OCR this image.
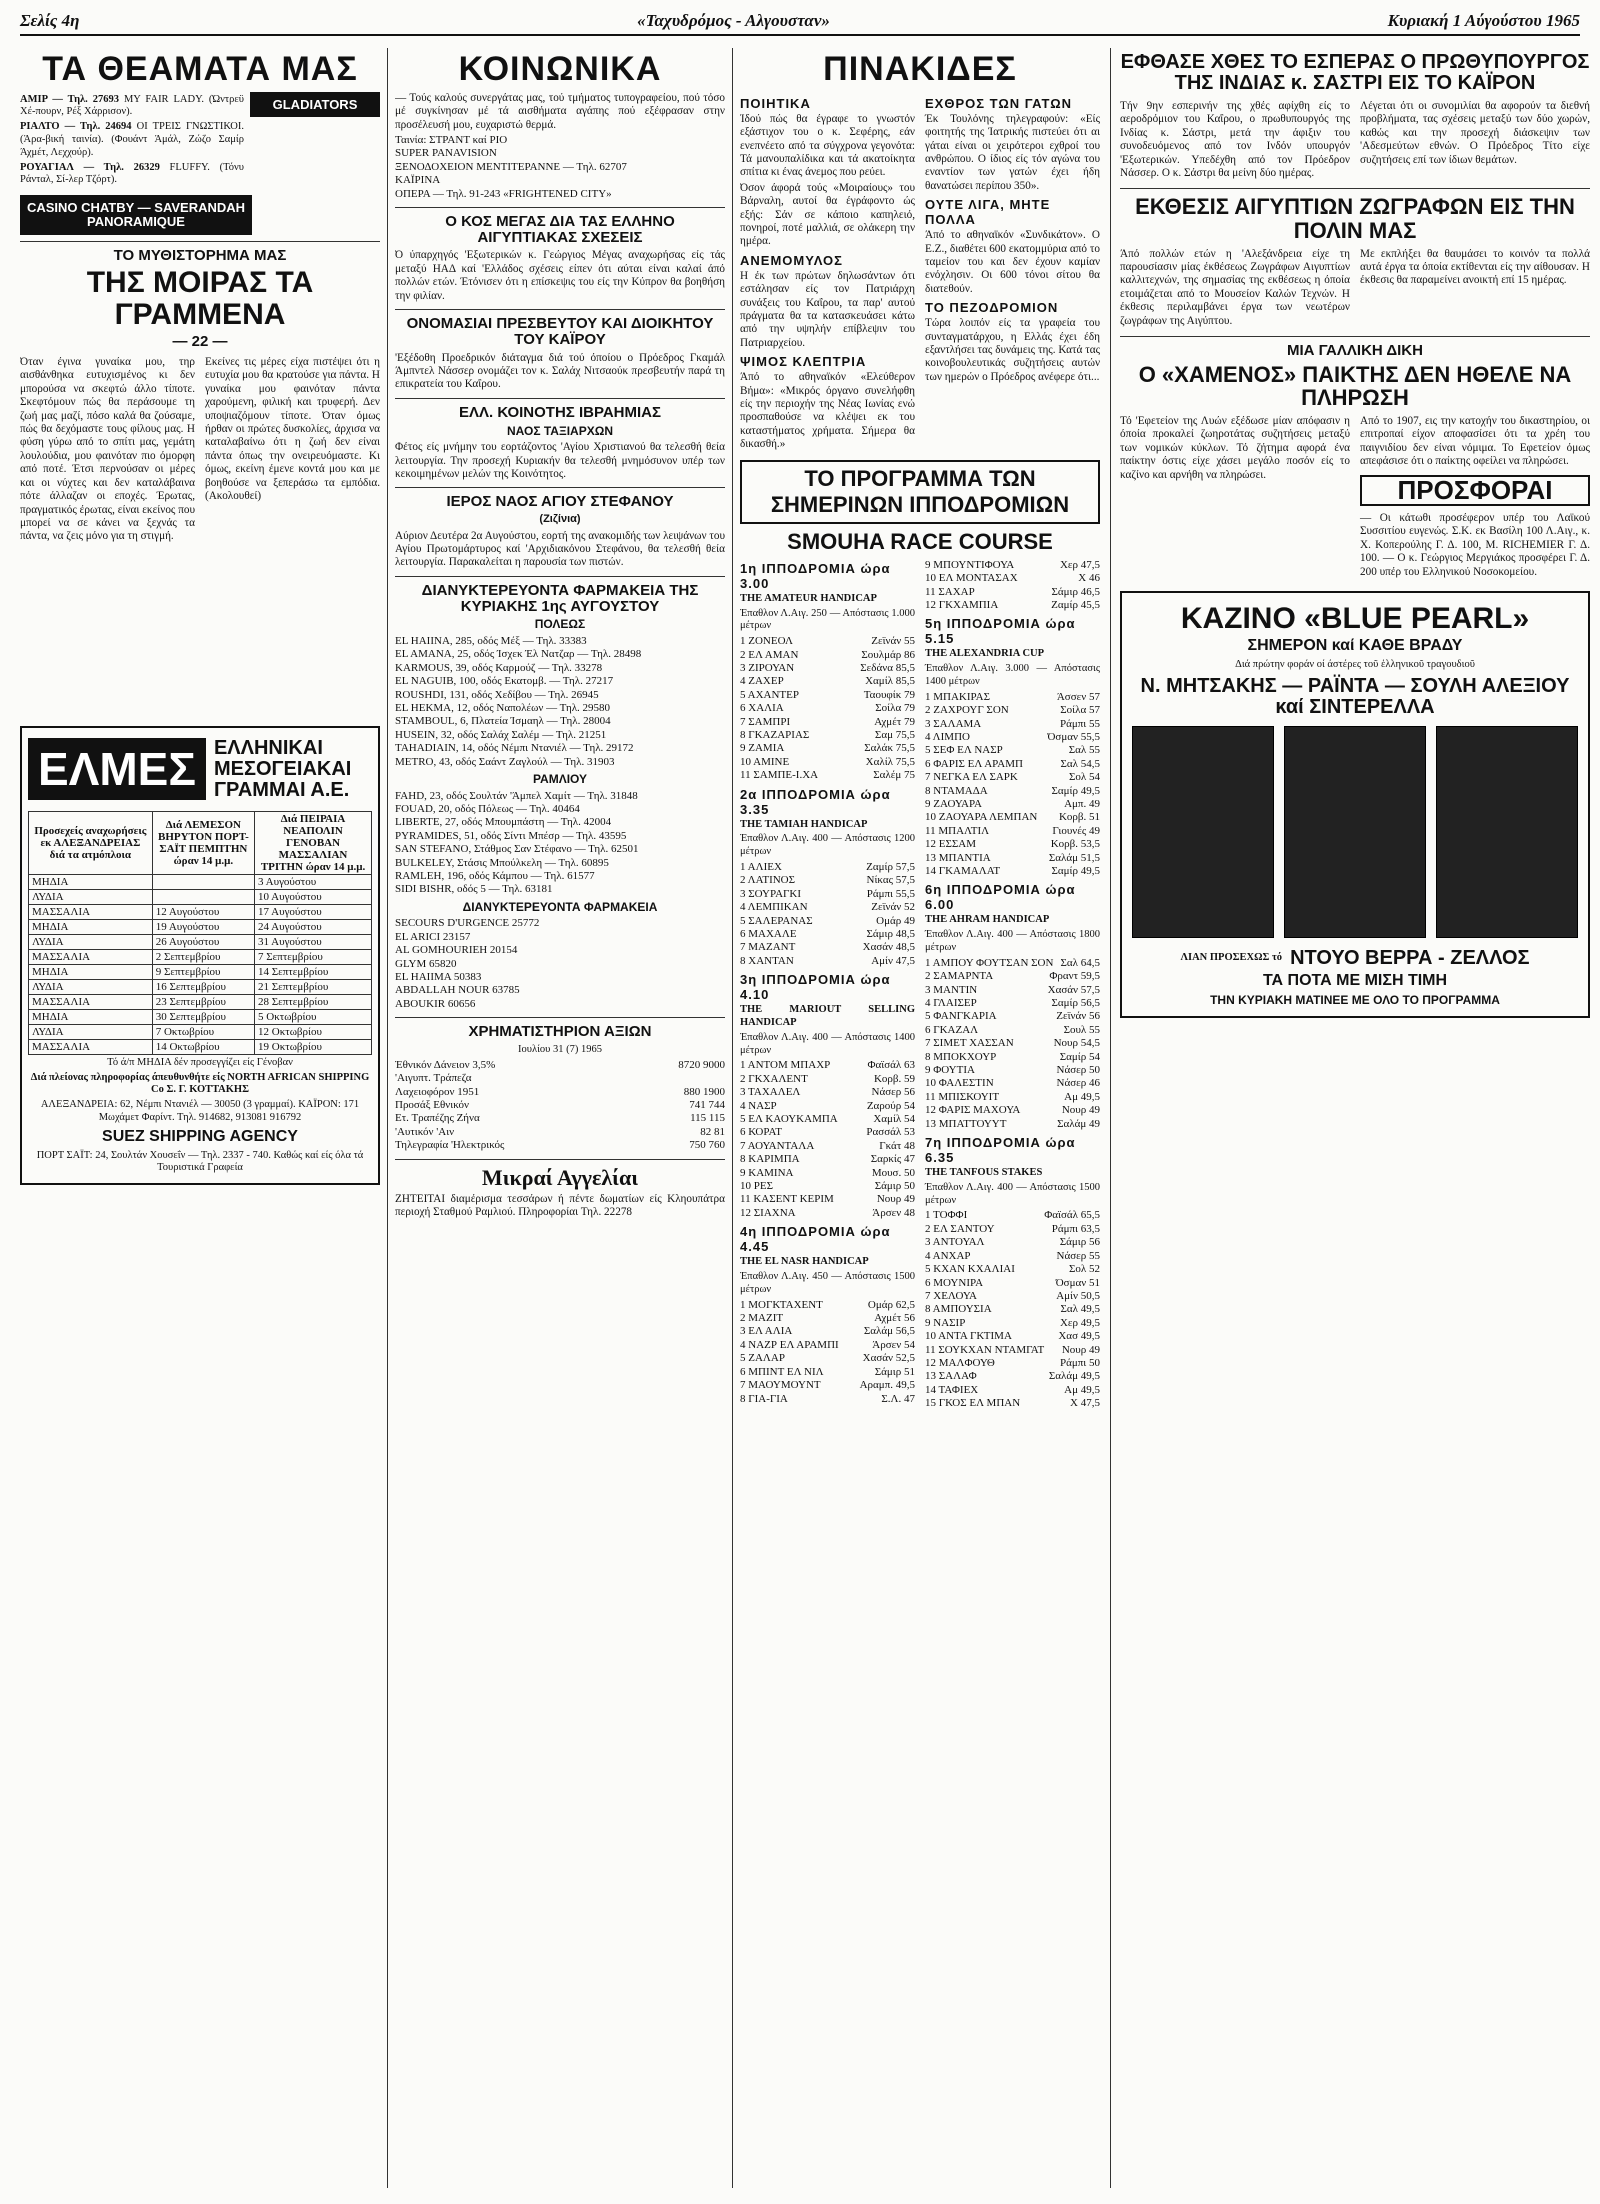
Σελίς 4η	«Ταχυδρόμος - Αλγουσταν»	Κυριακή 1 Αύγούστου 1965
ΤΑ ΘΕΑΜΑΤΑ ΜΑΣ
ΑΜΙΡ — Τηλ. 27693 MY FAIR LADY. (Ώντρεϋ Χέ-πουρν, Ρέξ Χάρρισον).
ΡΙΑΛΤΟ — Τηλ. 24694 ΟΙ ΤΡΕΙΣ ΓΝΩΣΤΙΚΟΙ. (Άρα-βική ταινία). (Φουάντ Άμάλ, Ζώζο Σαμίρ Άχμέτ, Λεχχούρ).
ΡΟΥΑΓΙΑΛ — Τηλ. 26329 FLUFFY. (Τόνυ Ράνταλ, Σί-λερ Τζόρτ).
GLADIATORS
CASINO CHATBY — SAVERANDAH PANORAMIQUE
ΤΟ ΜΥΘΙΣΤΟΡΗΜΑ ΜΑΣ
ΤΗΣ ΜΟΙΡΑΣ ΤΑ ΓΡΑΜΜΕΝΑ
— 22 —
Όταν έγινα γυναίκα μου, τηρ αισθάνθηκα ευτυχισμένος κι δεν μπορούσα να σκεφτώ άλλο τίποτε. Σκεφτόμουν πώς θα περάσουμε τη ζωή μας μαζί, πόσο καλά θα ζούσαμε, πώς θα δεχόμαστε τους φίλους μας. Η φύση γύρω από το σπίτι μας, γεμάτη λουλούδια, μου φαινόταν πιο όμορφη από ποτέ. Έτσι περνούσαν οι μέρες και οι νύχτες και δεν καταλάβαινα πότε άλλαζαν οι εποχές. Έρωτας, πραγματικός έρωτας, είναι εκείνος που μπορεί να σε κάνει να ξεχνάς τα πάντα, να ζεις μόνο για τη στιγμή.
Εκείνες τις μέρες είχα πιστέψει ότι η ευτυχία μου θα κρατούσε για πάντα. Η γυναίκα μου φαινόταν πάντα χαρούμενη, φιλική και τρυφερή. Δεν υποψιαζόμουν τίποτε. Όταν όμως ήρθαν οι πρώτες δυσκολίες, άρχισα να καταλαβαίνω ότι η ζωή δεν είναι πάντα όπως την ονειρευόμαστε. Κι όμως, εκείνη έμενε κοντά μου και με βοηθούσε να ξεπεράσω τα εμπόδια. (Ακολουθεί)
ΕΛΜΕΣ ΕΛΛΗΝΙΚΑΙ ΜΕΣΟΓΕΙΑΚΑΙ ΓΡΑΜΜΑΙ Α.Ε.
Προσεχείς αναχωρήσεις εκ ΑΛΕΞΑΝΔΡΕΙΑΣ διά τα ατμόπλοια	Διά ΛΕΜΕΣΟΝ ΒΗΡΥΤΟΝ ΠΟΡΤ-ΣΑΪΤ ΠΕΜΠΤΗΝ ώραν 14 μ.μ.	Διά ΠΕΙΡΑΙΑ ΝΕΑΠΟΛΙΝ ΓΕΝΟΒΑΝ ΜΑΣΣΑΛΙΑΝ ΤΡΙΤΗΝ ώραν 14 μ.μ.
ΜΗΔΙΑ		3 Αυγούστου
ΛΥΔΙΑ		10 Αυγούστου
ΜΑΣΣΑΛΙΑ	12 Αυγούστου	17 Αυγούστου
ΜΗΔΙΑ	19 Αυγούστου	24 Αυγούστου
ΛΥΔΙΑ	26 Αυγούστου	31 Αυγούστου
ΜΑΣΣΑΛΙΑ	2 Σεπτεμβρίου	7 Σεπτεμβρίου
ΜΗΔΙΑ	9 Σεπτεμβρίου	14 Σεπτεμβρίου
ΛΥΔΙΑ	16 Σεπτεμβρίου	21 Σεπτεμβρίου
ΜΑΣΣΑΛΙΑ	23 Σεπτεμβρίου	28 Σεπτεμβρίου
ΜΗΔΙΑ	30 Σεπτεμβρίου	5 Οκτωβρίου
ΛΥΔΙΑ	7 Οκτωβρίου	12 Οκτωβρίου
ΜΑΣΣΑΛΙΑ	14 Οκτωβρίου	19 Οκτωβρίου
Τό ά/π ΜΗΔΙΑ δέν προσεγγίζει είς Γένοβαν
Διά πλείονας πληροφορίας άπευθυνθήτε είς NORTH AFRICAN SHIPPING Co Σ. Γ. ΚΟΤΤΑΚΗΣ
ΑΛΕΞΑΝΔΡΕΙΑ: 62, Νέμπι Ντανιέλ — 30050 (3 γραμμαί). ΚΑΪΡΟΝ: 171 Μωχάμετ Φαρίντ. Τηλ. 914682, 913081 916792
SUEZ SHIPPING AGENCY
ΠΟΡΤ ΣΑΪΤ: 24, Σουλτάν Χουσεΐν — Τηλ. 2337 - 740. Καθώς καί είς όλα τά Τουριστικά Γραφεία
ΚΟΙΝΩΝΙΚΑ
— Τούς καλούς συνεργάτας μας, τού τμήματος τυπογραφείου, πού τόσο μέ συγκίνησαν μέ τά αισθήματα αγάπης πού εξέφρασαν στην προσέλευσή μου, ευχαριστώ θερμά.
Ταινία: ΣΤΡΑΝΤ καί ΡΙΟ
SUPER PANAVISION
ΞΕΝΟΔΟΧΕΙΟΝ ΜΕΝΤΙΤΕΡΑΝΝΕ — Τηλ. 62707
ΚΑΪΡΙΝΑ
ΟΠΕΡΑ — Τηλ. 91-243 «FRIGHTENED CITY»
Ο ΚΟΣ ΜΕΓΑΣ ΔΙΑ ΤΑΣ ΕΛΛΗΝΟ ΑΙΓΥΠΤΙΑΚΑΣ ΣΧΕΣΕΙΣ
Ό ύπαρχηγός 'Εξωτερικών κ. Γεώργιος Μέγας αναχωρήσας είς τάς μεταξύ ΗΑΔ καί 'Ελλάδος σχέσεις είπεν ότι αύται είναι καλαί άπό πολλών ετών. Έτόνισεν ότι η επίσκεψις του είς την Κύπρον θα βοηθήση την φιλίαν.
ΟΝΟΜΑΣΙΑΙ ΠΡΕΣΒΕΥΤΟΥ ΚΑΙ ΔΙΟΙΚΗΤΟΥ ΤΟΥ ΚΑΪΡΟΥ
'Εξέδοθη Προεδρικόν διάταγμα διά τού όποίου ο Πρόεδρος Γκαμάλ Άμπντελ Νάσσερ ονομάζει τον κ. Σαλάχ Νιτσαούκ πρεσβευτήν παρά τη επικρατεία του Καΐρου.
ΕΛΛ. ΚΟΙΝΟΤΗΣ ΙΒΡΑΗΜΙΑΣ
ΝΑΟΣ ΤΑΞΙΑΡΧΩΝ
Φέτος είς μνήμην του εορτάζοντος 'Αγίου Χριστιανού θα τελεσθή θεία λειτουργία. Την προσεχή Κυριακήν θα τελεσθή μνημόσυνον υπέρ των κεκοιμημένων μελών της Κοινότητος.
ΙΕΡΟΣ ΝΑΟΣ ΑΓΙΟΥ ΣΤΕΦΑΝΟΥ
(Ζιζίνια)
Αύριον Δευτέρα 2α Αυγούστου, εορτή της ανακομιδής των λειψάνων του Αγίου Πρωτομάρτυρος καί 'Αρχιδιακόνου Στεφάνου, θα τελεσθή θεία λειτουργία. Παρακαλείται η παρουσία των πιστών.
ΔΙΑΝΥΚΤΕΡΕΥΟΝΤΑ ΦΑΡΜΑΚΕΙΑ ΤΗΣ ΚΥΡΙΑΚΗΣ 1ης ΑΥΓΟΥΣΤΟΥ
ΠΟΛΕΩΣ
EL HAIINA, 285, οδός Μέξ — Τηλ. 33383
EL AMANA, 25, οδός Ίσχεκ Έλ Νατζαρ — Τηλ. 28498
KARMOUS, 39, οδός Καρμούζ — Τηλ. 33278
EL NAGUIB, 100, οδός Εκατομβ. — Τηλ. 27217
ROUSHDI, 131, οδός Χεδίβου — Τηλ. 26945
EL HEKMA, 12, οδός Ναπολέων — Τηλ. 29580
STAMBOUL, 6, Πλατεία Ίσμαηλ — Τηλ. 28004
HUSEIN, 32, οδός Σαλάχ Σαλέμ — Τηλ. 21251
TAHADIAIN, 14, οδός Νέμπι Ντανιέλ — Τηλ. 29172
METRO, 43, οδός Σαάντ Ζαγλούλ — Τηλ. 31903
ΡΑΜΛΙΟΥ
FAHD, 23, οδός Σουλτάν 'Άμπελ Χαμίτ — Τηλ. 31848
FOUAD, 20, οδός Πόλεως — Τηλ. 40464
LIBERTE, 27, οδός Μπουμπάστη — Τηλ. 42004
PYRAMIDES, 51, οδός Σίντι Μπέσρ — Τηλ. 43595
SAN STEFANO, Στάθμος Σαν Στέφανο — Τηλ. 62501
BULKELEY, Στάσις Μπούλκελη — Τηλ. 60895
RAMLEH, 196, οδός Κάμπου — Τηλ. 61577
SIDI BISHR, οδός 5 — Τηλ. 63181
ΔΙΑΝΥΚΤΕΡΕΥΟΝΤΑ ΦΑΡΜΑΚΕΙΑ
SECOURS D'URGENCE 25772
EL ARICI 23157
AL GOMHOURIEH 20154
GLYM 65820
EL HAIIMA 50383
ABDALLAH NOUR 63785
ABOUKIR 60656
ΧΡΗΜΑΤΙΣΤΗΡΙΟΝ ΑΞΙΩΝ
Ιουλίου 31 (7) 1965
Έθνικόν Δάνειον 3,5%	8720 9000
'Αιγυπτ. Τράπεζα
Λαχειοφόρον 1951	880 1900
Προσάξ Εθνικόν	741 744
Ετ. Τραπέζης Ζήνα	115 115
'Αυτικόν 'Αιν	82 81
Τηλεγραφία 'Ηλεκτρικός	750 760
Μικραί Αγγελίαι
ΖΗΤΕΙΤΑΙ διαμέρισμα τεσσάρων ή πέντε δωματίων είς Κληουπάτρα περιοχή Σταθμού Ραμλιού. Πληροφορίαι Τηλ. 22278
ΠΙΝΑΚΙΔΕΣ
ΠΟΙΗΤΙΚΑ
Ίδού πώς θα έγραφε το γνωστόν εξάστιχον του ο κ. Σεφέρης, εάν ενεπνέετο από τα σύγχρονα γεγονότα: Τά μανουπαλίδικα και τά ακατοίκητα σπίτια κι ένας άνεμος που ρεύει.
Όσον άφορά τούς «Μοιραίους» του Βάρναλη, αυτοί θα έγράφοντο ώς εξής: Σάν σε κάποιο καπηλειό, πονηροί, ποτέ μαλλιά, σε ολάκερη την ημέρα.
ΑΝΕΜΟΜΥΛΟΣ
Η έκ των πρώτων δηλωσάντων ότι εστάλησαν είς τον Πατριάρχη συνάξεις του Καΐρου, τα παρ' αυτού πράγματα θα τα κατασκευάσει κάτω από την υψηλήν επίβλεψιν του Πατριαρχείου.
ΨΙΜΟΣ ΚΛΕΠΤΡΙΑ
Άπό το αθηναϊκόν «Ελεύθερον Βήμα»: «Μικρός όργανο συνελήφθη είς την περιοχήν της Νέας Ιωνίας ενώ προσπαθούσε να κλέψει εκ του καταστήματος χρήματα. Σήμερα θα δικασθή.»
ΕΧΘΡΟΣ ΤΩΝ ΓΑΤΩΝ
Έκ Τουλόνης τηλεγραφούν: «Είς φοιτητής της Ίατρικής πιστεύει ότι αι γάται είναι οι χειρότεροι εχθροί του ανθρώπου. Ο ίδιος είς τόν αγώνα του εναντίον των γατών έχει ήδη θανατώσει περίπου 350».
ΟΥΤΕ ΛΙΓΑ, ΜΗΤΕ ΠΟΛΛΑ
Άπό το αθηναϊκόν «Συνδικάτον». Ο Ε.Ζ., διαθέτει 600 εκατομμύρια από το ταμείον του και δεν έχουν καμίαν ενόχλησιν. Οι 600 τόνοι σίτου θα διατεθούν.
ΤΟ ΠΕΖΟΔΡΟΜΙΟΝ
Τώρα λοιπόν είς τα γραφεία του συνταγματάρχου, η Ελλάς έχει έδη εξαντλήσει τας δυνάμεις της. Κατά τας κοινοβουλευτικάς συζητήσεις αυτών των ημερών ο Πρόεδρος ανέφερε ότι...
ΤΟ ΠΡΟΓΡΑΜΜΑ ΤΩΝ ΣΗΜΕΡΙΝΩΝ ΙΠΠΟΔΡΟΜΙΩΝ
SMOUHA RACE COURSE
1η ΙΠΠΟΔΡΟΜΙΑ ώρα 3.00
THE AMATEUR HANDICAP
Έπαθλον Λ.Αιγ. 250 — Απόστασις 1.000 μέτρων
1 ΖΟΝΕΟΛ	Ζεϊνάν 55
2 ΕΛ ΑΜΑΝ	Σουλμάρ 86
3 ΖΙΡΟΥΑΝ	Σεδάνα 85,5
4 ΖΑΧΕΡ	Χαμίλ 85,5
5 ΑΧΑΝΤΕΡ	Ταουφίκ 79
6 ΧΑΛΙΑ	Σοίλα 79
7 ΣΑΜΠΡΙ	Αχμέτ 79
8 ΓΚΑΖΑΡΙΑΣ	Σαμ 75,5
9 ΖΑΜΙΑ	Σαλάκ 75,5
10 ΑΜΙΝΕ	Χαλίλ 75,5
11 ΣΑΜΠΕ-Ι.ΧΑ	Σαλέμ 75
2α ΙΠΠΟΔΡΟΜΙΑ ώρα 3.35
THE TAMIAH HANDICAP
Έπαθλον Λ.Αιγ. 400 — Απόστασις 1200 μέτρων
1 ΑΛΙΕΧ	Ζαμίρ 57,5
2 ΛΑΤΙΝΟΣ	Νίκας 57,5
3 ΣΟΥΡΑΓΚΙ	Ράμπι 55,5
4 ΛΕΜΠΙΚΑΝ	Ζεϊνάν 52
5 ΣΑΛΕΡΑΝΑΣ	Ομάρ 49
6 ΜΑΧΑΛΕ	Σάμιρ 48,5
7 ΜΑΖΑΝΤ	Χασάν 48,5
8 ΧΑΝΤΑΝ	Αμίν 47,5
3η ΙΠΠΟΔΡΟΜΙΑ ώρα 4.10
THE MARIOUT SELLING HANDICAP
Έπαθλον Λ.Αιγ. 400 — Απόστασις 1400 μέτρων
1 ΑΝΤΟΜ ΜΠΑΧΡ	Φαϊσάλ 63
2 ΓΚΧΑΛΕΝΤ	Κορβ. 59
3 ΤΑΧΑΛΕΛ	Νάσερ 56
4 ΝΑΣΡ	Ζαρούρ 54
5 ΕΛ ΚΑΟΥΚΑΜΠΑ	Χαμίλ 54
6 ΚΟΡΑΤ	Ρασσάλ 53
7 ΑΟΥΑΝΤΑΛΑ	Γκάτ 48
8 ΚΑΡΙΜΠΑ	Σαρκίς 47
9 ΚΑΜΙΝΑ	Μουσ. 50
10 ΡΕΣ	Σάμιρ 50
11 ΚΑΣΕΝΤ ΚΕΡΙΜ	Νουρ 49
12 ΣΙΑΧΝΑ	Άρσεν 48
4η ΙΠΠΟΔΡΟΜΙΑ ώρα 4.45
THE EL NASR HANDICAP
Έπαθλον Λ.Αιγ. 450 — Απόστασις 1500 μέτρων
1 ΜΟΓΚΤΑΧΕΝΤ	Ομάρ 62,5
2 ΜΑΖΙΤ	Αχμέτ 56
3 ΕΛ ΑΛΙΑ	Σαλάμ 56,5
4 ΝΑΖΡ ΕΛ ΑΡΑΜΠΙ	Άρσεν 54
5 ΖΑΛΑΡ	Χασάν 52,5
6 ΜΠΙΝΤ ΕΛ ΝΙΛ	Σάμιρ 51
7 ΜΑΟΥΜΟΥΝΤ	Αραμπ. 49,5
8 ΓΙΑ-ΓΙΑ	Σ.Λ. 47
9 ΜΠΟΥΝΤΙΦΟΥΑ	Χερ 47,5
10 ΕΛ ΜΟΝΤΑΣΑΧ	Χ 46
11 ΣΑΧΑΡ	Σάμιρ 46,5
12 ΓΚΧΑΜΠΙΑ	Ζαμίρ 45,5
5η ΙΠΠΟΔΡΟΜΙΑ ώρα 5.15
THE ALEXANDRIA CUP
Έπαθλον Λ.Αιγ. 3.000 — Απόστασις 1400 μέτρων
1 ΜΠΑΚΙΡΑΣ	Άσσεν 57
2 ΖΑΧΡΟΥΓ ΣΟΝ	Σοίλα 57
3 ΣΑΛΑΜΑ	Ράμπι 55
4 ΛΙΜΠΟ	Όσμαν 55,5
5 ΣΕΦ ΕΛ ΝΑΣΡ	Σαλ 55
6 ΦΑΡΙΣ ΕΛ ΑΡΑΜΠ	Σαλ 54,5
7 ΝΕΓΚΑ ΕΛ ΣΑΡΚ	Σολ 54
8 ΝΤΑΜΑΔΑ	Σαμίρ 49,5
9 ΖΑΟΥΑΡΑ	Αμπ. 49
10 ΖΑΟΥΑΡΑ ΛΕΜΠΑΝ Κορβ. 51
11 ΜΠΑΛΤΙΛ	Γιουνές 49
12 ΕΣΣΑΜ	Κορβ. 53,5
13 ΜΠΑΝΤΙΑ	Σαλάμ 51,5
14 ΓΚΑΜΑΛΑΤ	Σαμίρ 49,5
6η ΙΠΠΟΔΡΟΜΙΑ ώρα 6.00
THE AHRAM HANDICAP
Έπαθλον Λ.Αιγ. 400 — Απόστασις 1800 μέτρων
1 ΑΜΠΟΥ ΦΟΥΤΣΑΝ ΣΟΝ Σαλ 64,5
2 ΣΑΜΑΡΝΤΑ	Φραντ 59,5
3 ΜΑΝΤΙΝ	Χασάν 57,5
4 ΓΛΑΙΣΕΡ	Σαμίρ 56,5
5 ΦΑΝΓΚΑΡΙΑ	Ζεϊνάν 56
6 ΓΚΑΖΑΛ	Σουλ 55
7 ΣΙΜΕΤ ΧΑΣΣΑΝ	Νουρ 54,5
8 ΜΠΟΚΧΟΥΡ	Σαμίρ 54
9 ΦΟΥΤΙΑ	Νάσερ 50
10 ΦΑΛΕΣΤΙΝ	Νάσερ 46
11 ΜΠΙΣΚΟΥΙΤ	Αμ 49,5
12 ΦΑΡΙΣ ΜΑΧΟΥΑ	Νουρ 49
13 ΜΠΑΤΤΟΥΥΤ	Σαλάμ 49
7η ΙΠΠΟΔΡΟΜΙΑ ώρα 6.35
THE TANFOUS STAKES
Έπαθλον Λ.Αιγ. 400 — Απόστασις 1500 μέτρων
1 ΤΟΦΦΙ	Φαϊσάλ 65,5
2 ΕΛ ΣΑΝΤΟΥ	Ράμπι 63,5
3 ΑΝΤΟΥΑΛ	Σάμιρ 56
4 ΑΝΧΑΡ	Νάσερ 55
5 ΚΧΑΝ ΚΧΑΛΙΑΙ	Σολ 52
6 ΜΟΥΝΙΡΑ	Όσμαν 51
7 ΧΕΛΟΥΑ	Αμίν 50,5
8 ΑΜΠΟΥΣΙΑ	Σαλ 49,5
9 ΝΑΣΙΡ	Χερ 49,5
10 ΑΝΤΑ ΓΚΤΙΜΑ	Χασ 49,5
11 ΣΟΥΚΧΑΝ ΝΤΑΜΓΑΤ Νουρ 49
12 ΜΑΛΦΟΥΘ	Ράμπι 50
13 ΣΑΛΑΦ	Σαλάμ 49,5
14 ΤΑΦΙΕΧ	Αμ 49,5
15 ΓΚΟΣ ΕΛ ΜΠΑΝ	Χ 47,5
ΕΦΘΑΣΕ ΧΘΕΣ ΤΟ ΕΣΠΕΡΑΣ Ο ΠΡΩΘΥΠΟΥΡΓΟΣ ΤΗΣ ΙΝΔΙΑΣ κ. ΣΑΣΤΡΙ ΕΙΣ ΤΟ ΚΑΪΡΟΝ
Τήν 9ην εσπερινήν της χθές αφίχθη είς το αεροδρόμιον του Καΐρου, ο πρωθυπουργός της Ινδίας κ. Σάστρι, μετά την άφιξιν του συνοδευόμενος από τον Ινδόν υπουργόν 'Εξωτερικών. Υπεδέχθη από τον Πρόεδρον Νάσσερ. Ο κ. Σάστρι θα μείνη δύο ημέρας.
Λέγεται ότι οι συνομιλίαι θα αφορούν τα διεθνή προβλήματα, τας σχέσεις μεταξύ των δύο χωρών, καθώς και την προσεχή διάσκεψιν των 'Αδεσμεύτων εθνών. Ο Πρόεδρος Τίτο είχε συζητήσεις επί των ίδιων θεμάτων.
ΕΚΘΕΣΙΣ ΑΙΓΥΠΤΙΩΝ ΖΩΓΡΑΦΩΝ ΕΙΣ ΤΗΝ ΠΟΛΙΝ ΜΑΣ
Άπό πολλών ετών η 'Αλεξάνδρεια είχε τη παρουσίασιν μίας έκθέσεως Ζωγράφων Αιγυπτίων καλλιτεχνών, της σημασίας της εκθέσεως η όποία ετοιμάζεται από το Μουσείον Καλών Τεχνών. Η έκθεσις περιλαμβάνει έργα των νεωτέρων ζωγράφων της Αιγύπτου.
Με εκπλήξει θα θαυμάσει το κοινόν τα πολλά αυτά έργα τα όποία εκτίθενται είς την αίθουσαν. Η έκθεσις θα παραμείνει ανοικτή επί 15 ημέρας.
ΜΙΑ ΓΑΛΛΙΚΗ ΔΙΚΗ
Ο «ΧΑΜΕΝΟΣ» ΠΑΙΚΤΗΣ ΔΕΝ ΗΘΕΛΕ ΝΑ ΠΛΗΡΩΣΗ
Τό 'Εφετείον της Λυών εξέδωσε μίαν απόφασιν η όποία προκαλεί ζωηροτάτας συζητήσεις μεταξύ των νομικών κύκλων. Τό ζήτημα αφορά ένα παίκτην όστις είχε χάσει μεγάλο ποσόν είς το καζίνο και αρνήθη να πληρώσει.
Από το 1907, εις την κατοχήν του δικαστηρίου, οι επιτροπαί είχον αποφασίσει ότι τα χρέη του παιγνιδίου δεν είναι νόμιμα. Το Εφετείον όμως απεφάσισε ότι ο παίκτης οφείλει να πληρώσει.
ΠΡΟΣΦΟΡΑΙ
— Οι κάτωθι προσέφερον υπέρ του Λαϊκού Συσσιτίου ευγενώς. Σ.Κ. εκ Βασίλη 100 Λ.Αιγ., κ. Χ. Κοπερούλης Γ. Δ. 100, Μ. RICHEMIER Γ. Δ. 100. — Ο κ. Γεώργιος Μεργιάκος προσφέρει Γ. Δ. 200 υπέρ του Ελληνικού Νοσοκομείου.
ΚΑΖΙΝΟ «BLUE PEARL»
ΣΗΜΕΡΟΝ καί ΚΑΘΕ ΒΡΑΔΥ
Διά πρώτην φοράν οί άστέρες τοῦ ἑλληνικοῦ τραγουδιοῦ
Ν. ΜΗΤΣΑΚΗΣ — ΡΑΪΝΤΑ — ΣΟΥΛΗ ΑΛΕΞΙΟΥ καί ΣΙΝΤΕΡΕΛΛΑ
ΛΙΑΝ ΠΡΟΣΕΧΩΣ τό ΝΤΟΥΟ ΒΕΡΡΑ - ΖΕΛΛΟΣ
ΤΑ ΠΟΤΑ ΜΕ ΜΙΣΗ ΤΙΜΗ
ΤΗΝ ΚΥΡΙΑΚΗ ΜΑΤΙΝΕΕ ΜΕ ΟΛΟ ΤΟ ΠΡΟΓΡΑΜΜΑ
